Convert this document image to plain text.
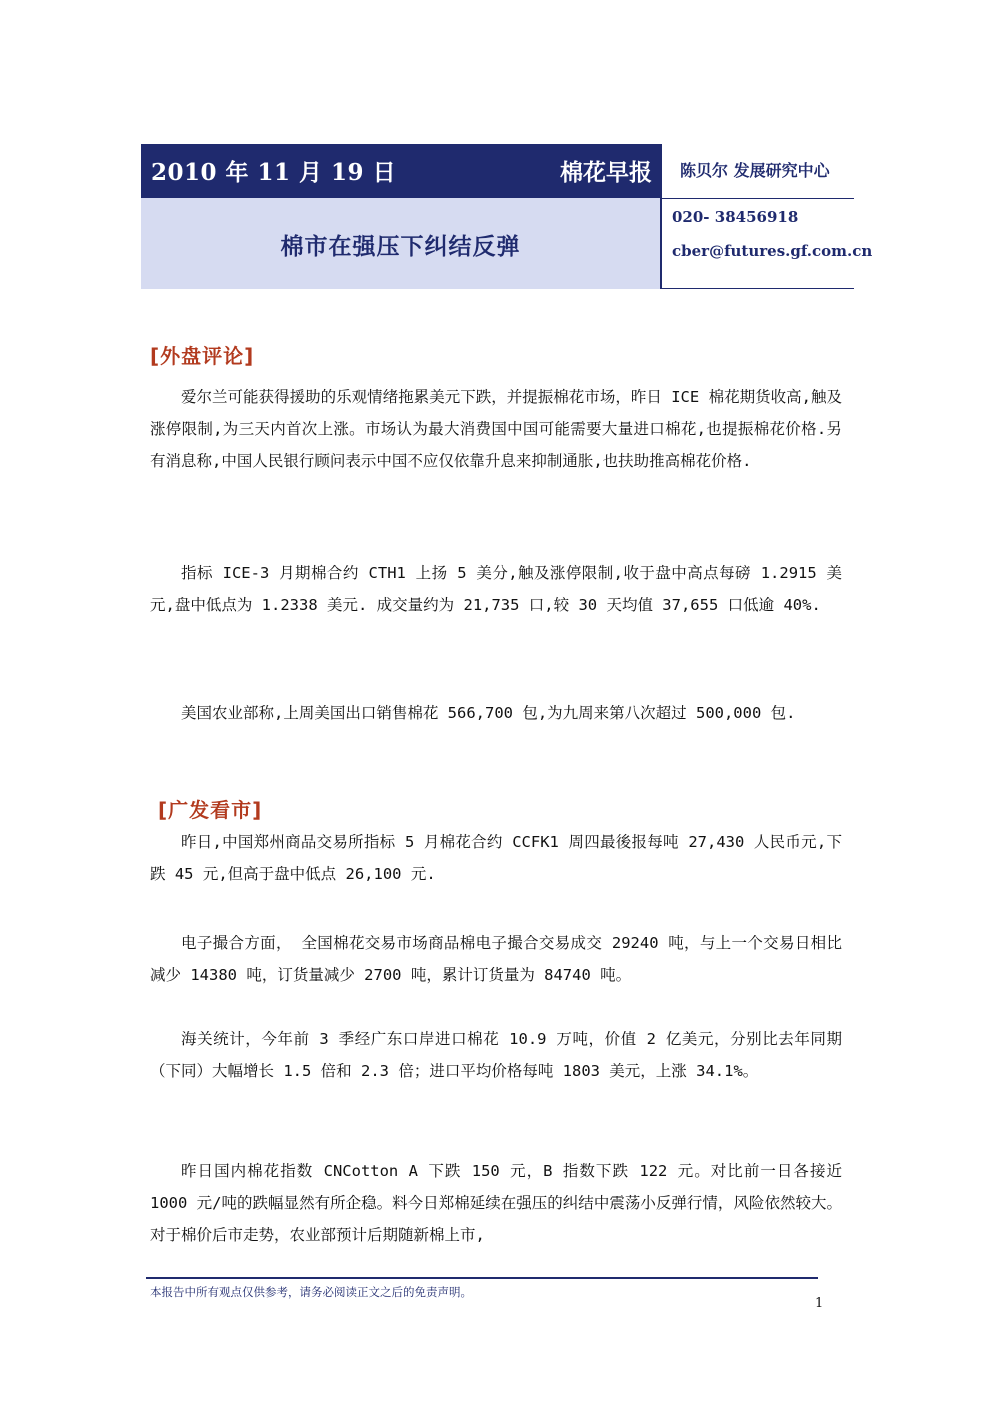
2010 年 11 月 19 日	棉花早报
棉市在强压下纠结反弹
陈贝尔 发展研究中心
020- 38456918
cber@futures.gf.com.cn
[外盘评论]

爱尔兰可能获得援助的乐观情绪拖累美元下跌，并提振棉花市场，昨日 ICE 棉花期货收高,触及涨停限制,为三天内首次上涨。市场认为最大消费国中国可能需要大量进口棉花,也提振棉花价格.另有消息称,中国人民银行顾问表示中国不应仅依靠升息来抑制通胀,也扶助推高棉花价格.

指标 ICE-3 月期棉合约 CTH1 上扬 5 美分,触及涨停限制,收于盘中高点每磅 1.2915 美元,盘中低点为 1.2338 美元. 成交量约为 21,735 口,较 30 天均值 37,655 口低逾 40%.

美国农业部称,上周美国出口销售棉花 566,700 包,为九周来第八次超过 500,000 包.

[广发看市]

昨日,中国郑州商品交易所指标 5 月棉花合约 CCFK1 周四最後报每吨 27,430 人民币元,下跌 45 元,但高于盘中低点 26,100 元.

电子撮合方面， 全国棉花交易市场商品棉电子撮合交易成交 29240 吨，与上一个交易日相比减少 14380 吨，订货量减少 2700 吨，累计订货量为 84740 吨。

海关统计，今年前 3 季经广东口岸进口棉花 10.9 万吨，价值 2 亿美元，分别比去年同期（下同）大幅增长 1.5 倍和 2.3 倍；进口平均价格每吨 1803 美元，上涨 34.1%。

昨日国内棉花指数 CNCotton A 下跌 150 元，B 指数下跌 122 元。对比前一日各接近 1000 元/吨的跌幅显然有所企稳。料今日郑棉延续在强压的纠结中震荡小反弹行情，风险依然较大。对于棉价后市走势，农业部预计后期随新棉上市,

本报告中所有观点仅供参考，请务必阅读正文之后的免责声明。
1
